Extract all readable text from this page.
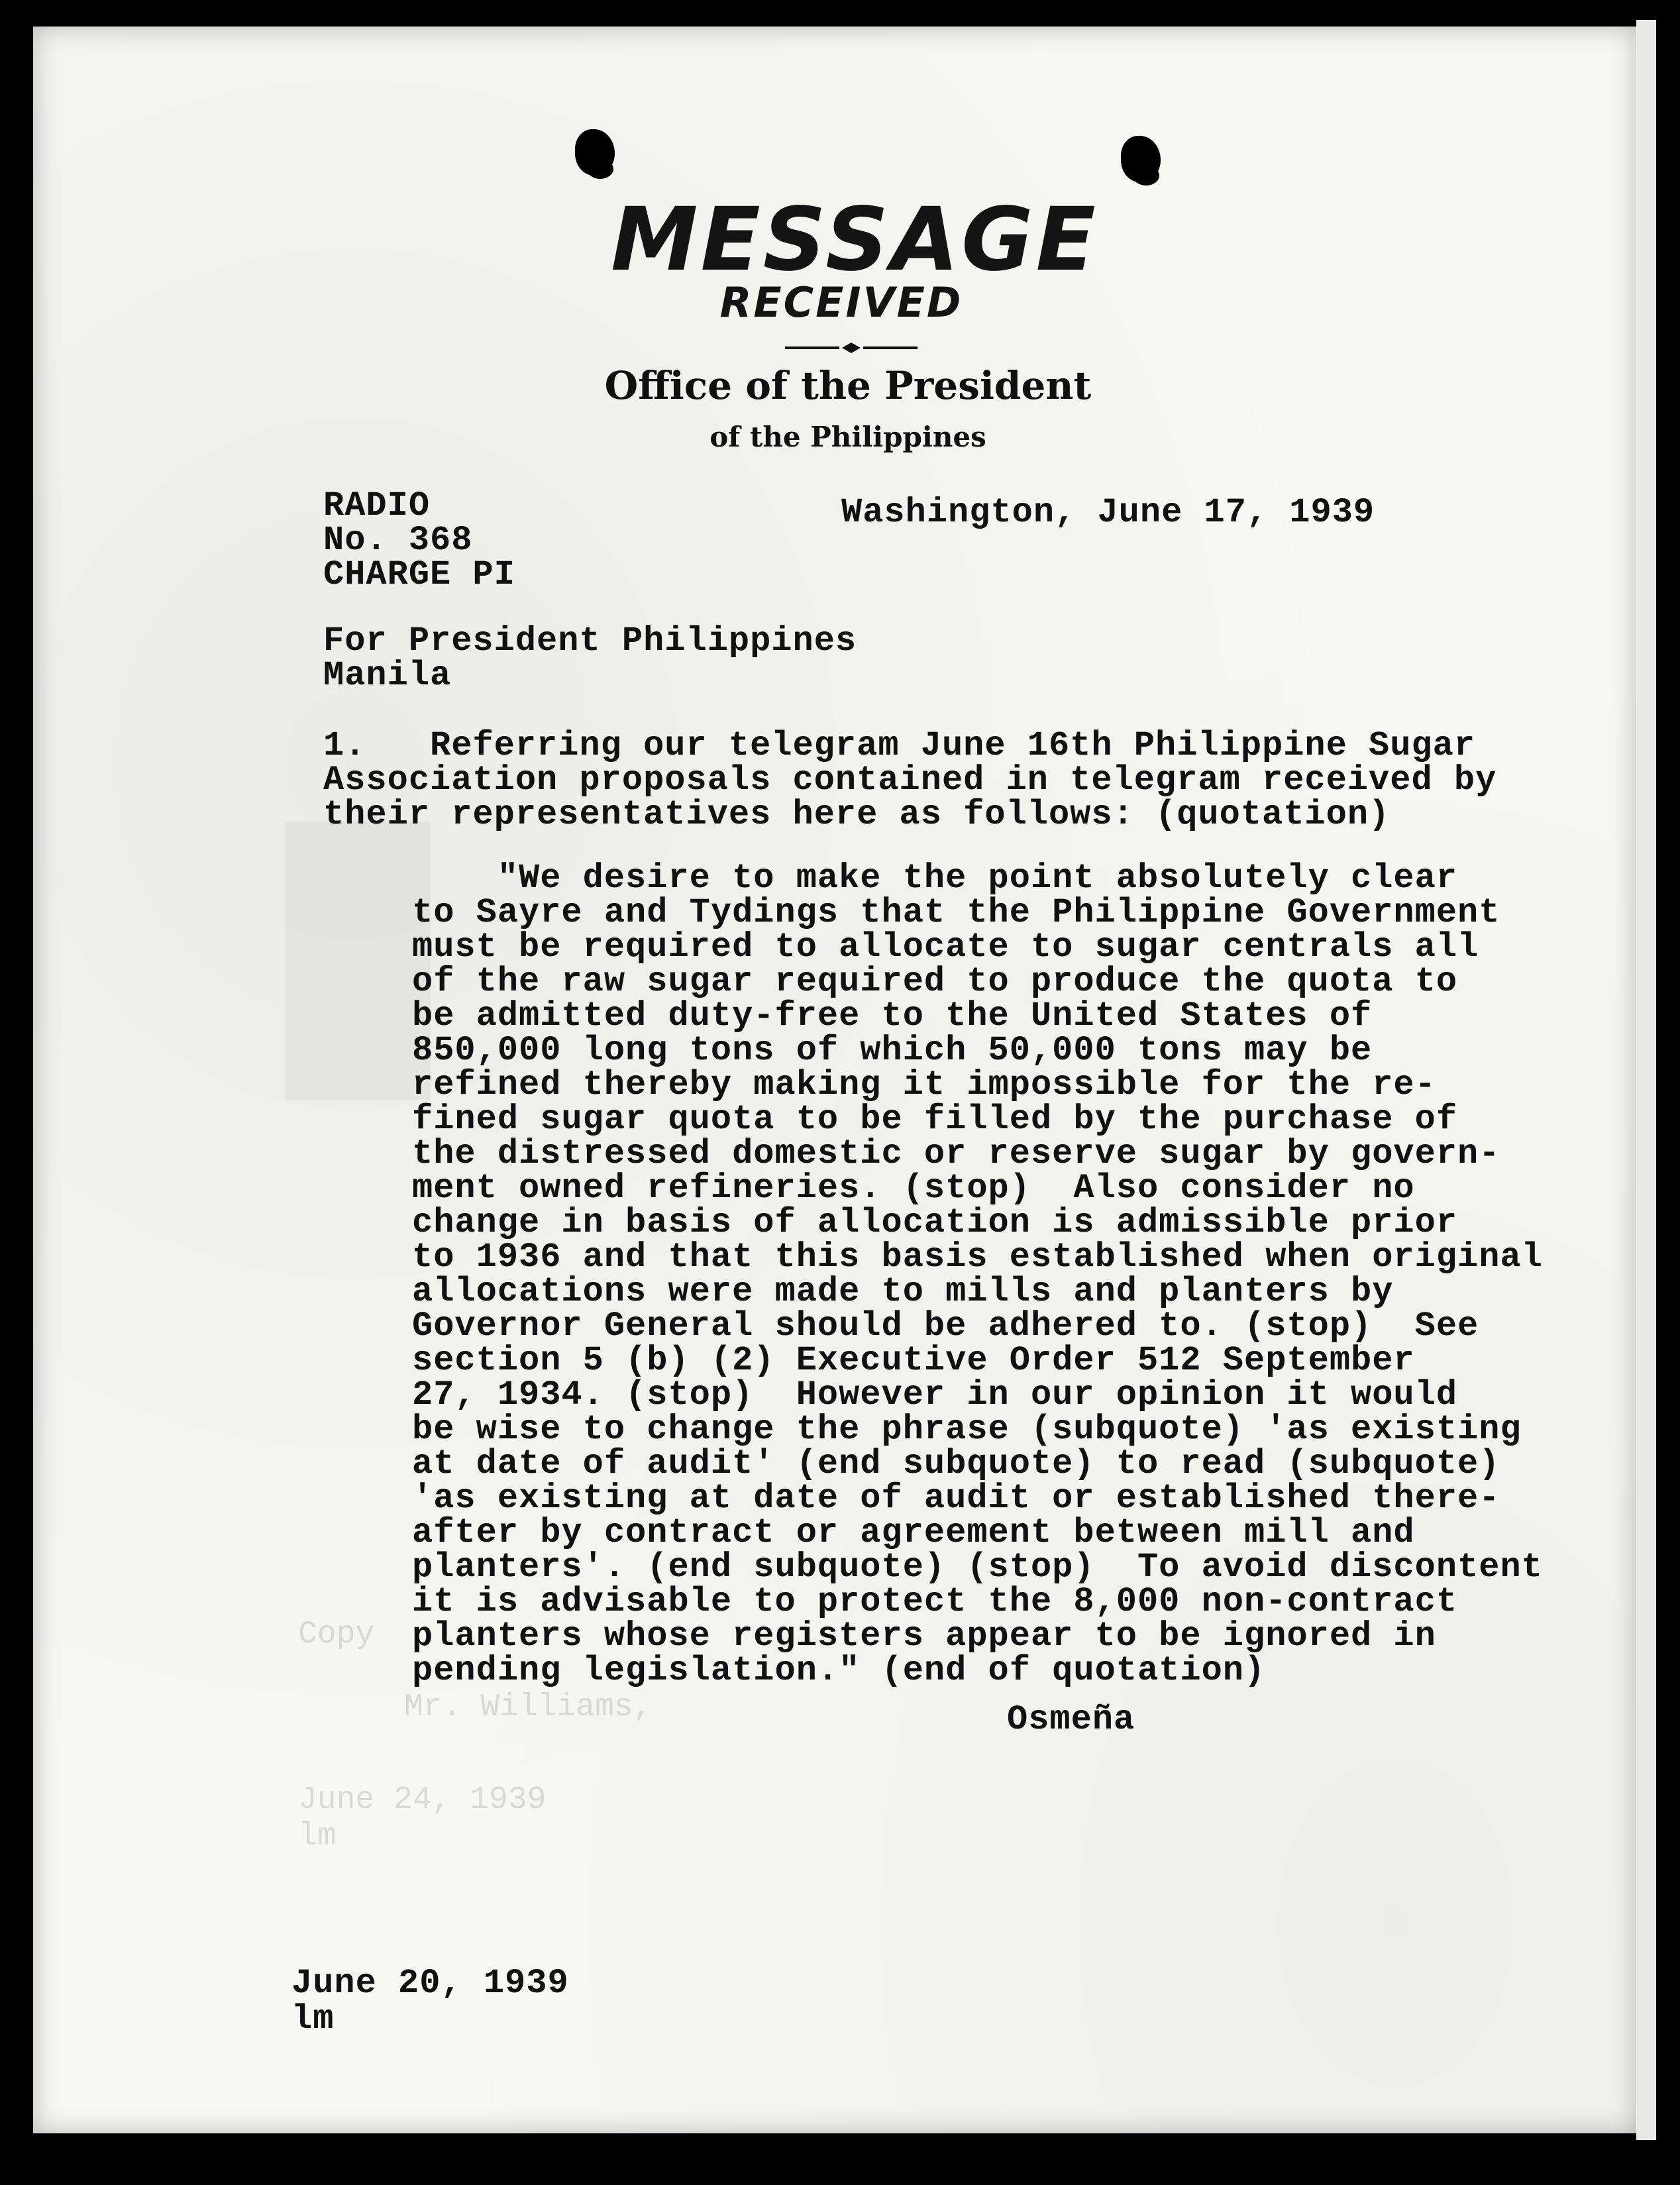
Copy
Mr. Williams,
June 24, 1939
lm
MESSAGE
RECEIVED
Office of the President
of the Philippines
RADIO
No. 368
CHARGE PI
Washington, June 17, 1939
For President Philippines
Manila
1.   Referring our telegram June 16th Philippine Sugar
Association proposals contained in telegram received by
their representatives here as follows: (quotation)
"We desire to make the point absolutely clear
to Sayre and Tydings that the Philippine Government
must be required to allocate to sugar centrals all
of the raw sugar required to produce the quota to
be admitted duty-free to the United States of
850,000 long tons of which 50,000 tons may be
refined thereby making it impossible for the re-
fined sugar quota to be filled by the purchase of
the distressed domestic or reserve sugar by govern-
ment owned refineries. (stop)  Also consider no
change in basis of allocation is admissible prior
to 1936 and that this basis established when original
allocations were made to mills and planters by
Governor General should be adhered to. (stop)  See
section 5 (b) (2) Executive Order 512 September
27, 1934. (stop)  However in our opinion it would
be wise to change the phrase (subquote) 'as existing
at date of audit' (end subquote) to read (subquote)
'as existing at date of audit or established there-
after by contract or agreement between mill and
planters'. (end subquote) (stop)  To avoid discontent
it is advisable to protect the 8,000 non-contract
planters whose registers appear to be ignored in
pending legislation." (end of quotation)
Osmeña
June 20, 1939
lm
